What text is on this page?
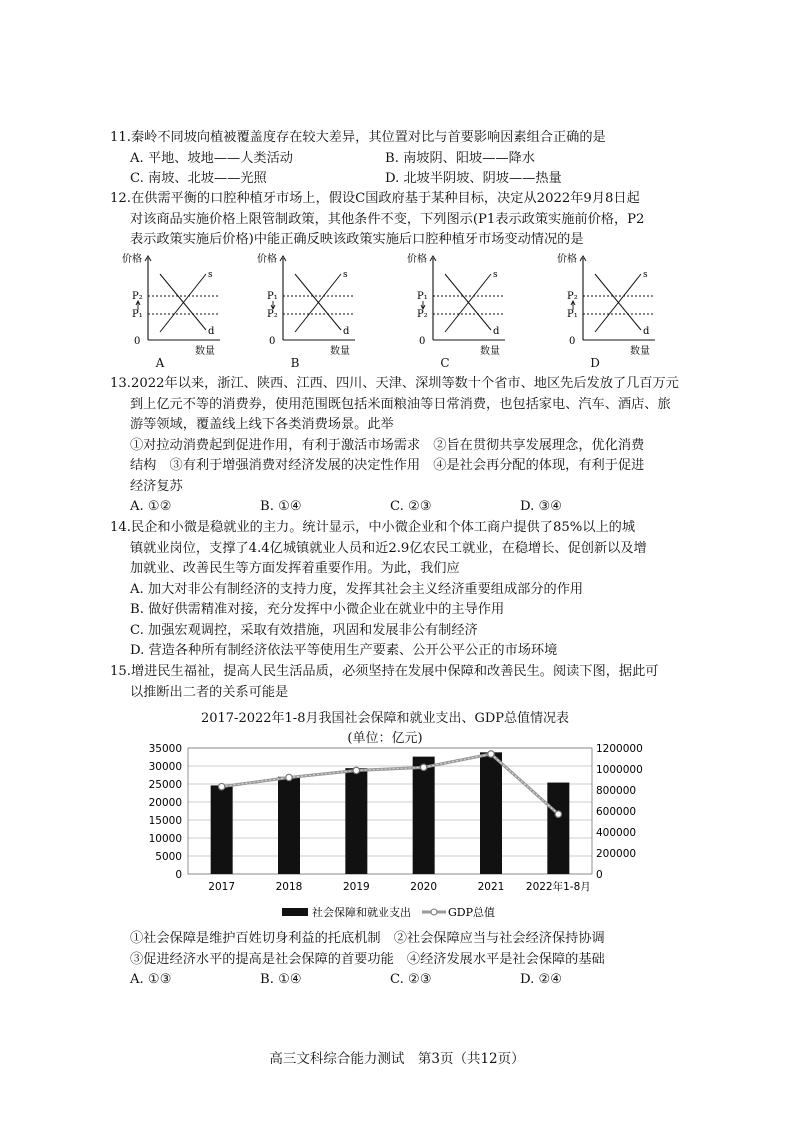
11.秦岭不同坡向植被覆盖度存在较大差异，其位置对比与首要影响因素组合正确的是
A. 平地、坡地——人类活动	B. 南坡阴、阳坡——降水
C. 南坡、北坡——光照	D. 北坡半阴坡、阴坡——热量
12.在供需平衡的口腔种植牙市场上，假设C国政府基于某种目标，决定从2022年9月8日起
对该商品实施价格上限管制政策，其他条件不变，下列图示(P1表示政策实施前价格，P2
表示政策实施后价格)中能正确反映该政策实施后口腔种植牙市场变动情况的是
价格
0
数量
s
d
P₂
P₁
A
价格
0
数量
s
d
P₁
P₂
B
价格
0
数量
s
d
P₁
P₂
C
价格
0
数量
s
d
P₂
P₁
D
13.2022年以来，浙江、陕西、江西、四川、天津、深圳等数十个省市、地区先后发放了几百万元
到上亿元不等的消费券，使用范围既包括米面粮油等日常消费，也包括家电、汽车、酒店、旅
游等领域，覆盖线上线下各类消费场景。此举
①对拉动消费起到促进作用，有利于激活市场需求　②旨在贯彻共享发展理念，优化消费
结构　③有利于增强消费对经济发展的决定性作用　④是社会再分配的体现，有利于促进
经济复苏
A. ①②	B. ①④	C. ②③	D. ③④
14.民企和小微是稳就业的主力。统计显示，中小微企业和个体工商户提供了85%以上的城
镇就业岗位，支撑了4.4亿城镇就业人员和近2.9亿农民工就业，在稳增长、促创新以及增
加就业、改善民生等方面发挥着重要作用。为此，我们应
A. 加大对非公有制经济的支持力度，发挥其社会主义经济重要组成部分的作用
B. 做好供需精准对接，充分发挥中小微企业在就业中的主导作用
C. 加强宏观调控，采取有效措施，巩固和发展非公有制经济
D. 营造各种所有制经济依法平等使用生产要素、公开公平公正的市场环境
15.增进民生福祉，提高人民生活品质，必须坚持在发展中保障和改善民生。阅读下图，据此可
以推断出二者的关系可能是
2017-2022年1-8月我国社会保障和就业支出、GDP总值情况表
(单位：亿元)
0
5000
10000
15000
20000
25000
30000
35000
0
200000
400000
600000
800000
1000000
1200000
2017	2018	2019	2020	2021 2022年1-8月
社会保障和就业支出	GDP总值
①社会保障是维护百姓切身利益的托底机制　②社会保障应当与社会经济保持协调
③促进经济水平的提高是社会保障的首要功能　④经济发展水平是社会保障的基础
A. ①③	B. ①④	C. ②③	D. ②④
高三文科综合能力测试　第3页（共12页）
